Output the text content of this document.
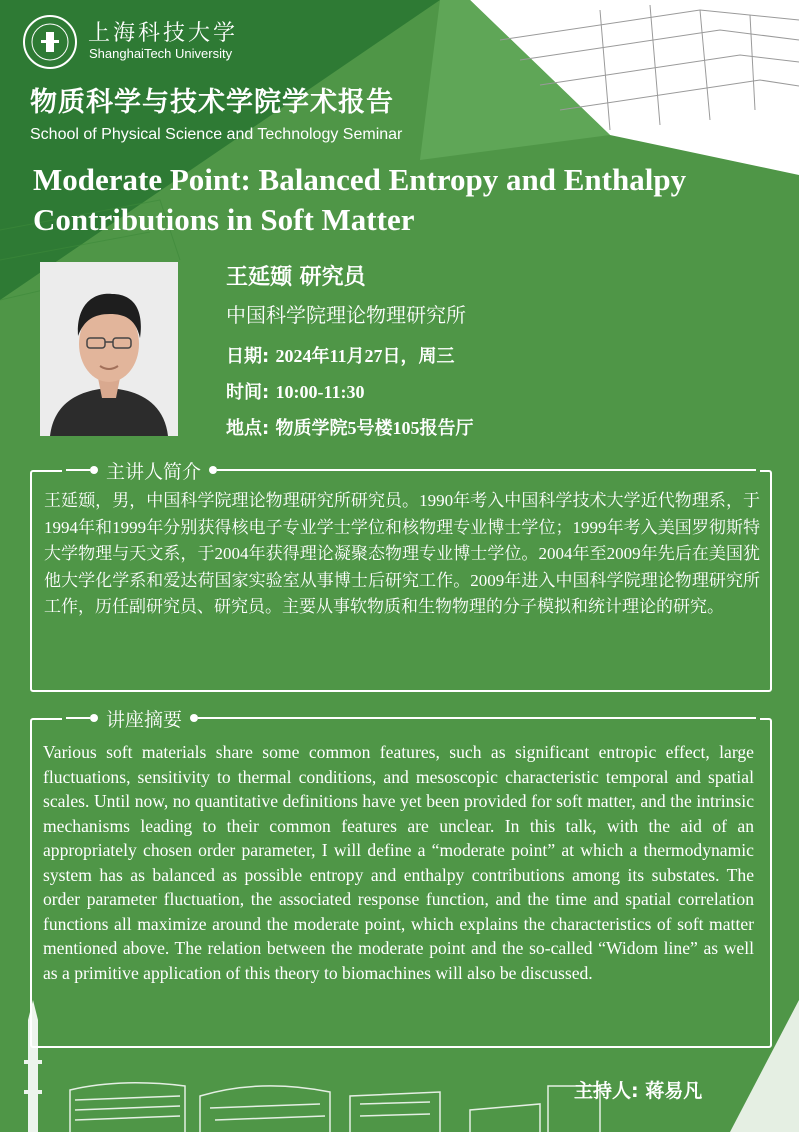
上海科技大学
ShanghaiTech University
物质科学与技术学院学术报告
School of Physical Science and Technology Seminar
Moderate Point: Balanced Entropy and Enthalpy Contributions in Soft Matter
王延颋 研究员
中国科学院理论物理研究所
日期: 2024年11月27日，周三
时间: 10:00-11:30
地点: 物质学院5号楼105报告厅
主讲人简介
王延颋，男，中国科学院理论物理研究所研究员。1990年考入中国科学技术大学近代物理系，于1994年和1999年分别获得核电子专业学士学位和核物理专业博士学位；1999年考入美国罗彻斯特大学物理与天文系，于2004年获得理论凝聚态物理专业博士学位。2004年至2009年先后在美国犹他大学化学系和爱达荷国家实验室从事博士后研究工作。2009年进入中国科学院理论物理研究所工作，历任副研究员、研究员。主要从事软物质和生物物理的分子模拟和统计理论的研究。
讲座摘要
Various soft materials share some common features, such as significant entropic effect, large fluctuations, sensitivity to thermal conditions, and mesoscopic characteristic temporal and spatial scales. Until now, no quantitative definitions have yet been provided for soft matter, and the intrinsic mechanisms leading to their common features are unclear. In this talk, with the aid of an appropriately chosen order parameter, I will define a “moderate point” at which a thermodynamic system has as balanced as possible entropy and enthalpy contributions among its substates. The order parameter fluctuation, the associated response function, and the time and spatial correlation functions all maximize around the moderate point, which explains the characteristics of soft matter mentioned above. The relation between the moderate point and the so-called “Widom line” as well as a primitive application of this theory to biomachines will also be discussed.
主持人: 蒋易凡
